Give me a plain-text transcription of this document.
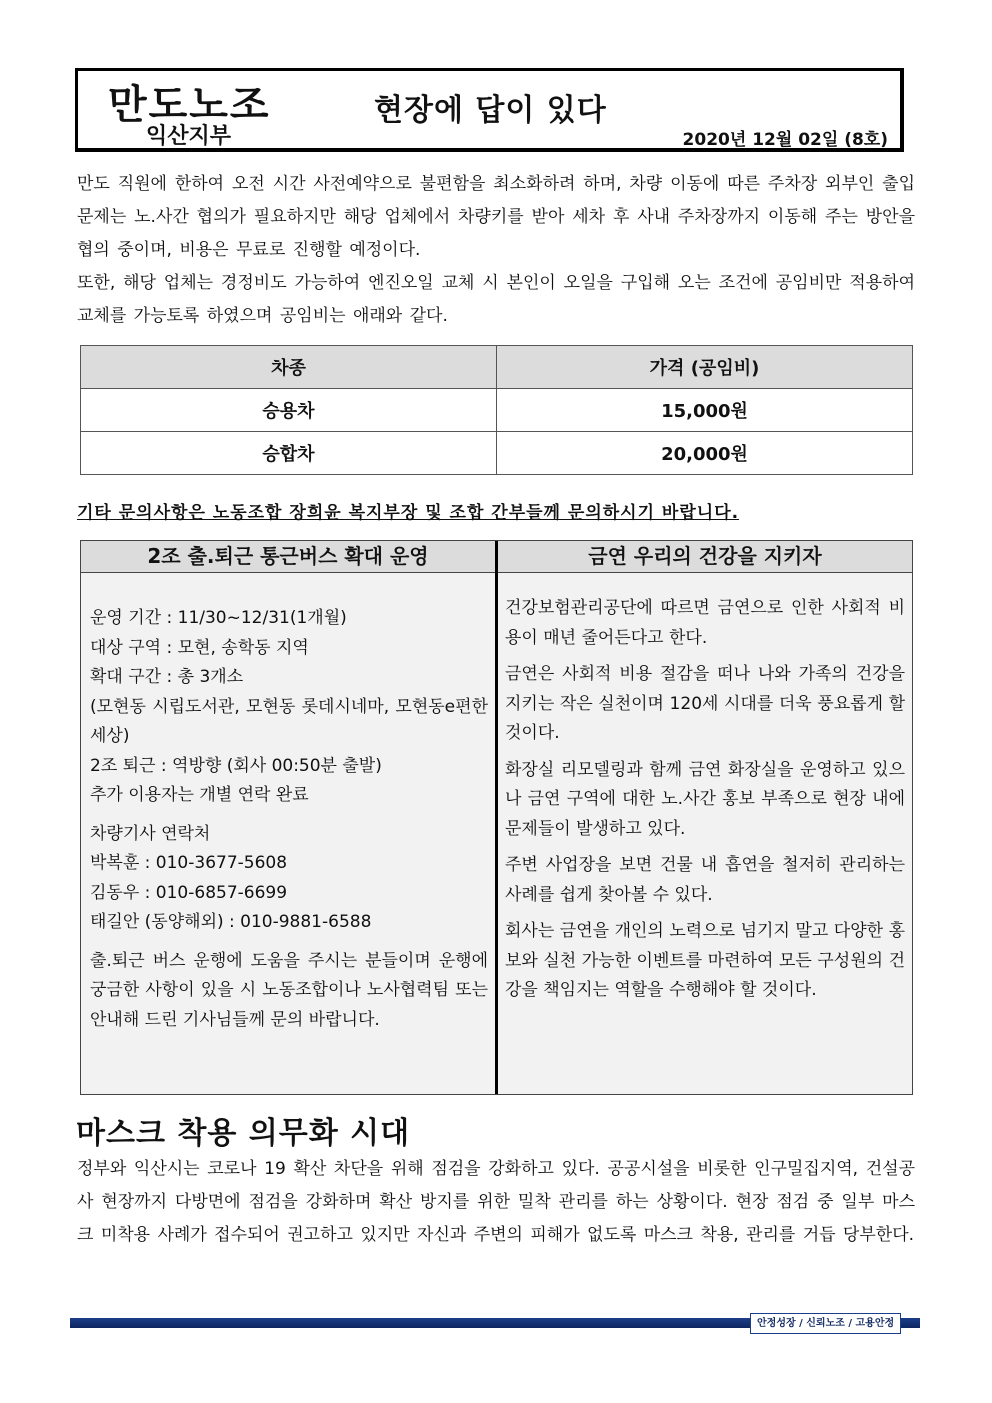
만도노조
익산지부
현장에 답이 있다
2020년 12월 02일 (8호)

만도 직원에 한하여 오전 시간 사전예약으로 불편함을 최소화하려 하며, 차량 이동에 따른 주차장 외부인 출입문제는 노.사간 협의가 필요하지만 해당 업체에서 차량키를 받아 세차 후 사내 주차장까지 이동해 주는 방안을 협의 중이며, 비용은 무료로 진행할 예정이다.

또한, 해당 업체는 경정비도 가능하여 엔진오일 교체 시 본인이 오일을 구입해 오는 조건에 공임비만 적용하여 교체를 가능토록 하였으며 공임비는 애래와 같다.

차종	가격 (공임비)
승용차	15,000원
승합차	20,000원
기타 문의사항은 노동조합 장희윤 복지부장 및 조합 간부들께 문의하시기 바랍니다.
2조 출.퇴근 통근버스 확대 운영	금연 우리의 건강을 지키자

운영 기간 : 11/30~12/31(1개월)

대상 구역 : 모현, 송학동 지역

확대 구간 : 총 3개소

(모현동 시립도서관, 모현동 롯데시네마, 모현동e편한세상)

2조 퇴근 : 역방향 (회사 00:50분 출발)

추가 이용자는 개별 연락 완료

차량기사 연락처

박복훈 : 010-3677-5608

김동우 : 010-6857-6699

태길안 (동양해외) : 010-9881-6588

출.퇴근 버스 운행에 도움을 주시는 분들이며 운행에 궁금한 사항이 있을 시 노동조합이나 노사협력팀 또는 안내해 드린 기사님들께 문의 바랍니다.

건강보험관리공단에 따르면 금연으로 인한 사회적 비용이 매년 줄어든다고 한다.

금연은 사회적 비용 절감을 떠나 나와 가족의 건강을 지키는 작은 실천이며 120세 시대를 더욱 풍요롭게 할 것이다.

화장실 리모델링과 함께 금연 화장실을 운영하고 있으나 금연 구역에 대한 노.사간 홍보 부족으로 현장 내에 문제들이 발생하고 있다.

주변 사업장을 보면 건물 내 흡연을 철저히 관리하는 사례를 쉽게 찾아볼 수 있다.

회사는 금연을 개인의 노력으로 넘기지 말고 다양한 홍보와 실천 가능한 이벤트를 마련하여 모든 구성원의 건강을 책임지는 역할을 수행해야 할 것이다.

마스크 착용 의무화 시대

정부와 익산시는 코로나 19 확산 차단을 위해 점검을 강화하고 있다. 공공시설을 비롯한 인구밀집지역, 건설공사 현장까지 다방면에 점검을 강화하며 확산 방지를 위한 밀착 관리를 하는 상황이다. 현장 점검 중 일부 마스크 미착용 사례가 접수되어 권고하고 있지만 자신과 주변의 피해가 없도록 마스크 착용, 관리를 거듭 당부한다.

안정성장 / 신뢰노조 / 고용안정
